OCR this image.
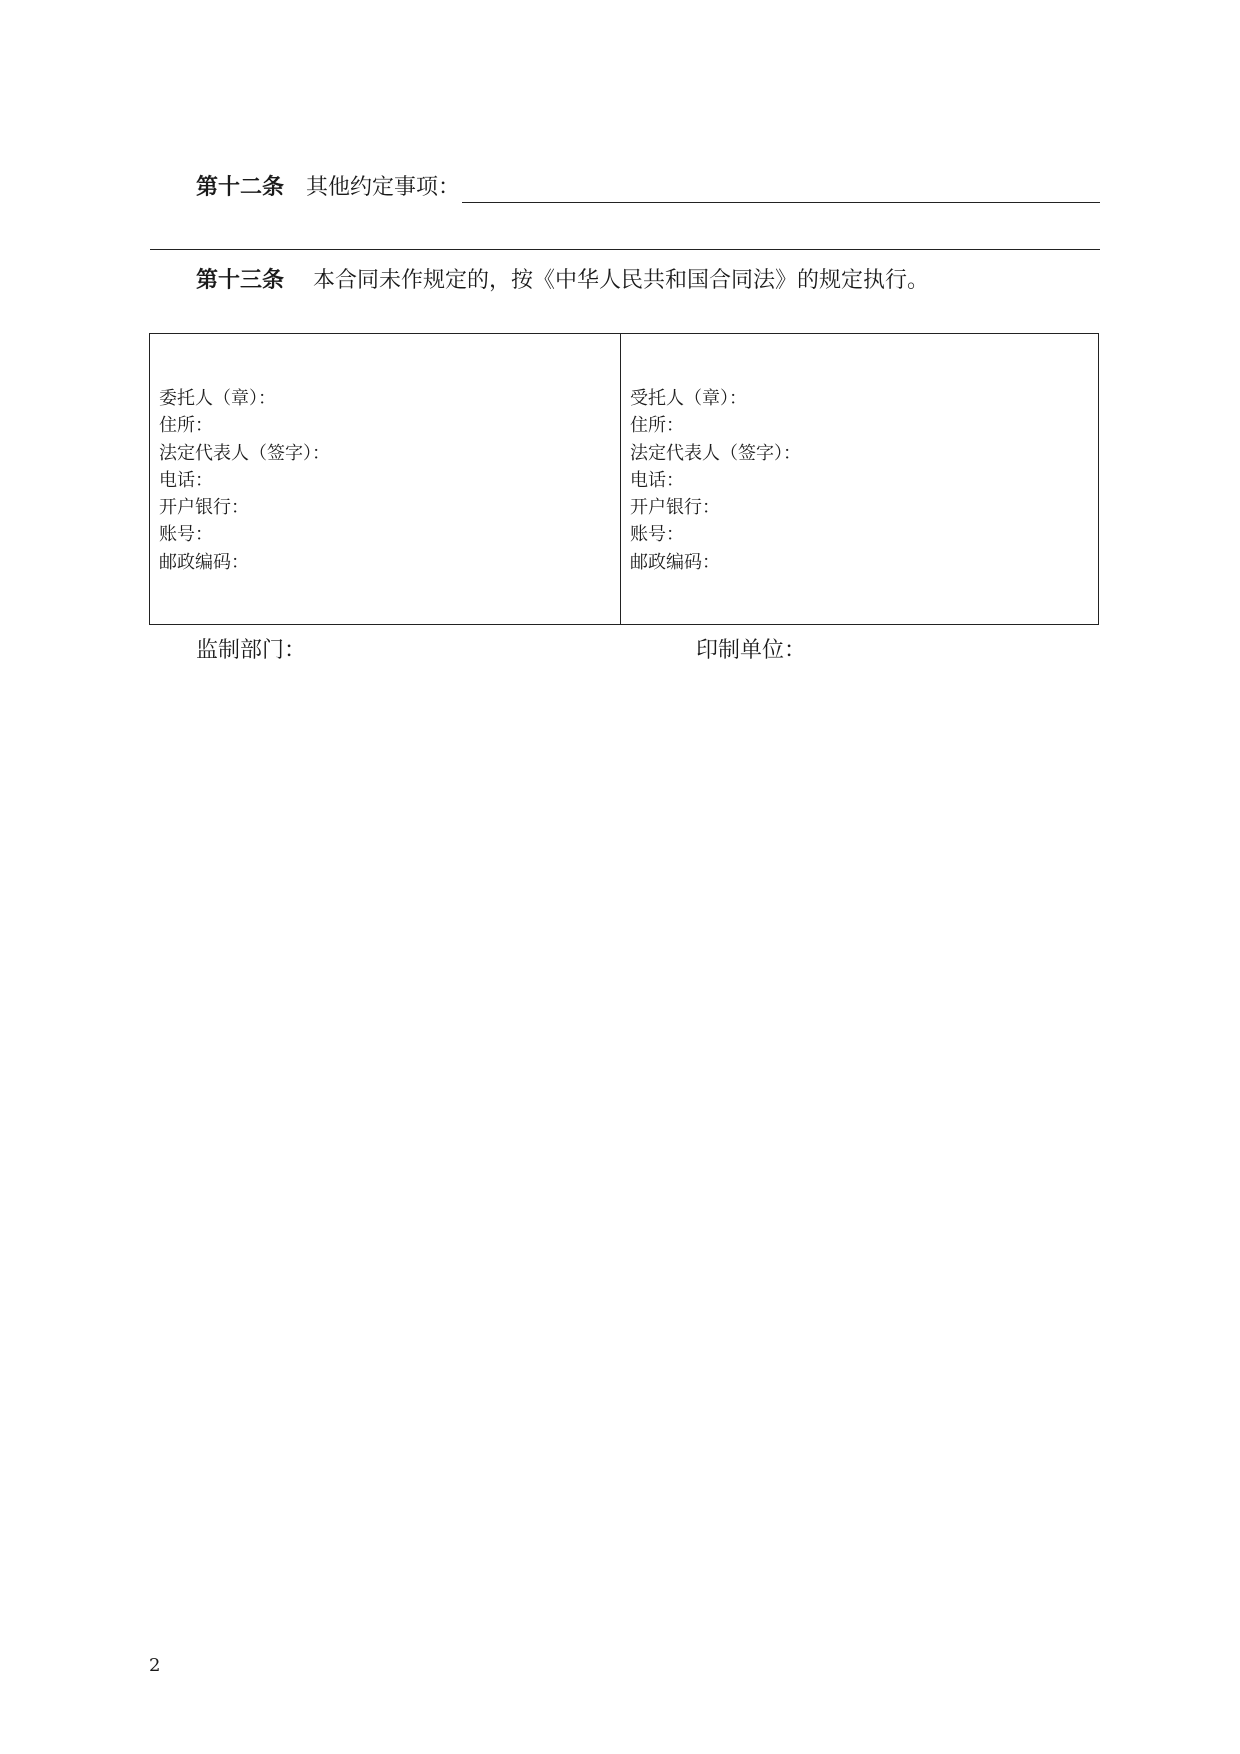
第十二条 其他约定事项：
第十三条 本合同未作规定的，按《中华人民共和国合同法》的规定执行。
委托人（章）：
住所：
法定代表人（签字）：
电话：
开户银行：
账号：
邮政编码：
受托人（章）：
住所：
法定代表人（签字）：
电话：
开户银行：
账号：
邮政编码：
监制部门：	印制单位：
2
